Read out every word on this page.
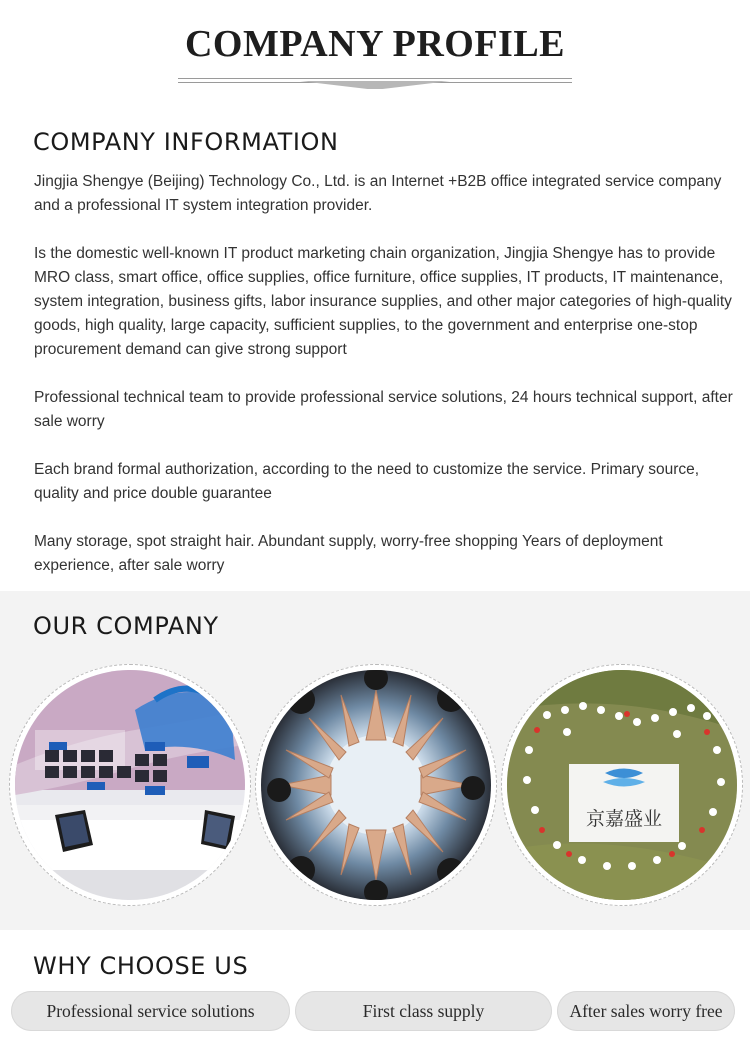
COMPANY PROFILE
COMPANY INFORMATION

Jingjia Shengye (Beijing) Technology Co., Ltd. is an Internet +B2B office integrated service company and a professional IT system integration provider.

Is the domestic well-known IT product marketing chain organization, Jingjia Shengye has to provide MRO class, smart office, office supplies, office furniture, office supplies, IT products, IT maintenance, system integration, business gifts, labor insurance supplies, and other major categories of high-quality goods, high quality, large capacity, sufficient supplies, to the government and enterprise one-stop procurement demand can give strong support

Professional technical team to provide professional service solutions, 24 hours technical support, after sale worry

Each brand formal authorization, according to the need to customize the service. Primary source, quality and price double guarantee

Many storage, spot straight hair. Abundant supply, worry-free shopping Years of deployment experience, after sale worry

OUR COMPANY
京嘉盛业
WHY CHOOSE US
Professional service solutions	First class supply	After sales worry free
